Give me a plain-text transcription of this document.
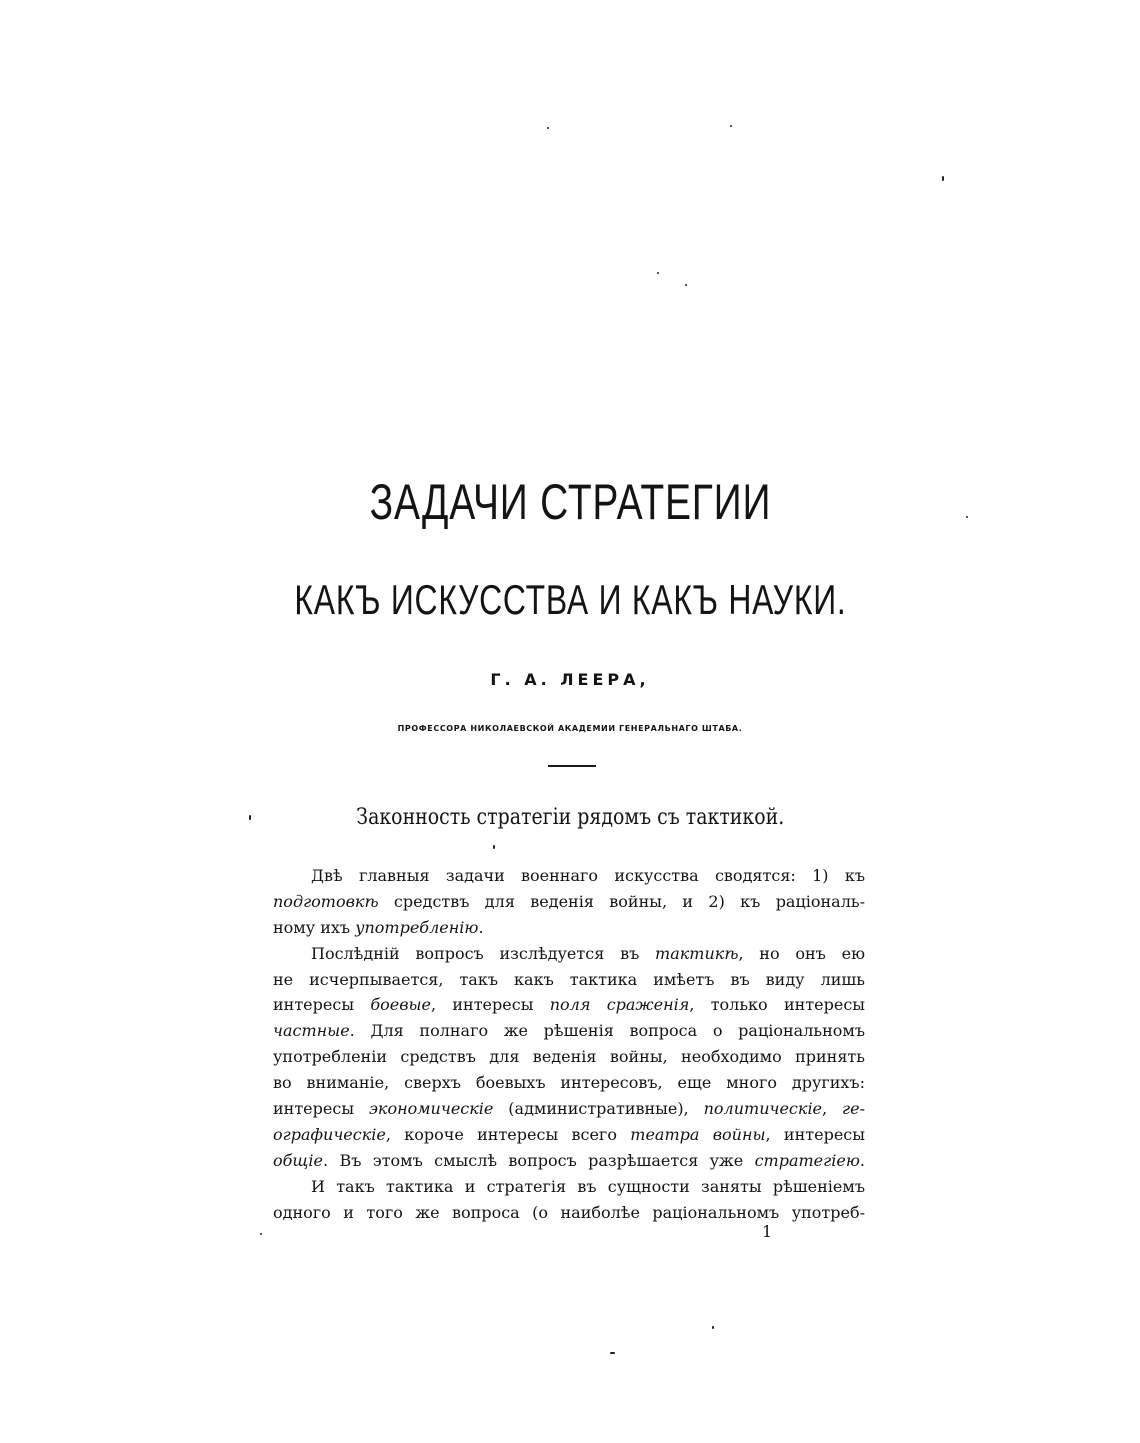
ЗАДАЧИ СТРАТЕГИИ
КАКЪ ИСКУССТВА И КАКЪ НАУКИ.
Г. А. ЛЕЕРА,
ПРОФЕССОРА НИКОЛАЕВСКОЙ АКАДЕМИИ ГЕНЕРАЛЬНАГО ШТАБА.
Законность стратегіи рядомъ съ тактикой.
Двѣ главныя задачи военнаго искусства сводятся: 1) къ
подготовкѣ средствъ для веденія войны, и 2) къ раціональ-
ному ихъ употребленію.
Послѣдній вопросъ изслѣдуется въ тактикѣ, но онъ ею
не исчерпывается, такъ какъ тактика имѣетъ въ виду лишь
интересы боевые, интересы поля сраженія, только интересы
частные. Для полнаго же рѣшенія вопроса о раціональномъ
употребленіи средствъ для веденія войны, необходимо принять
во вниманіе, сверхъ боевыхъ интересовъ, еще много другихъ:
интересы экономическіе (административные), политическіе, ге-
ографическіе, короче интересы всего театра войны, интересы
общіе. Въ этомъ смыслѣ вопросъ разрѣшается уже стратегіею.
И такъ тактика и стратегія въ сущности заняты рѣшеніемъ
одного и того же вопроса (о наиболѣе раціональномъ употреб-
1
